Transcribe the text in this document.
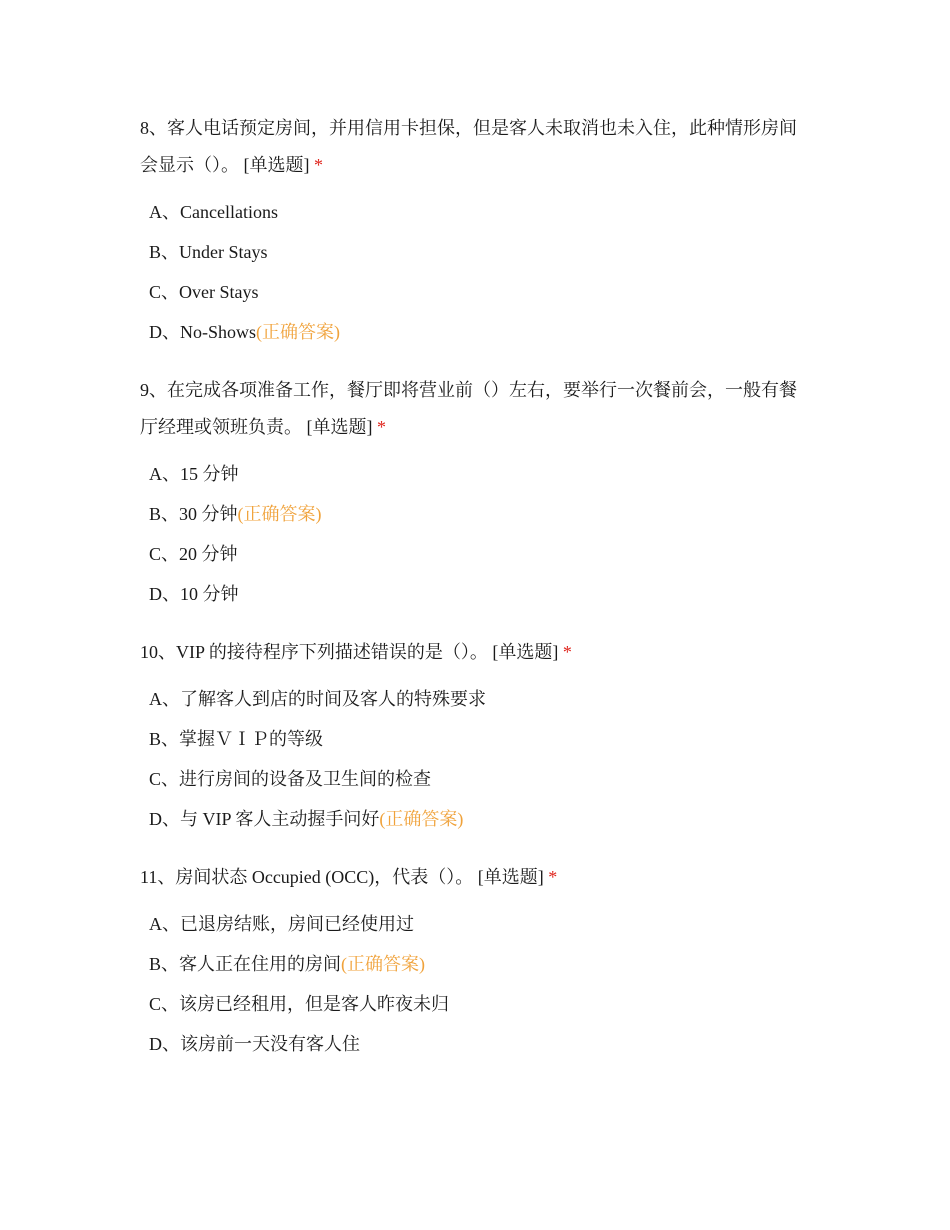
8、客人电话预定房间，并用信用卡担保，但是客人未取消也未入住，此种情形房间会显示（）。 [单选题] *
A、Cancellations
B、Under Stays
C、Over Stays
D、No-Shows(正确答案)
9、在完成各项准备工作，餐厅即将营业前（）左右，要举行一次餐前会，一般有餐厅经理或领班负责。 [单选题] *
A、15 分钟
B、30 分钟(正确答案)
C、20 分钟
D、10 分钟
10、VIP 的接待程序下列描述错误的是（）。 [单选题] *
A、了解客人到店的时间及客人的特殊要求
B、掌握ＶＩＰ的等级
C、进行房间的设备及卫生间的检查
D、与 VIP 客人主动握手问好(正确答案)
11、房间状态 Occupied (OCC)，代表（）。 [单选题] *
A、已退房结账，房间已经使用过
B、客人正在住用的房间(正确答案)
C、该房已经租用，但是客人昨夜未归
D、该房前一天没有客人住
